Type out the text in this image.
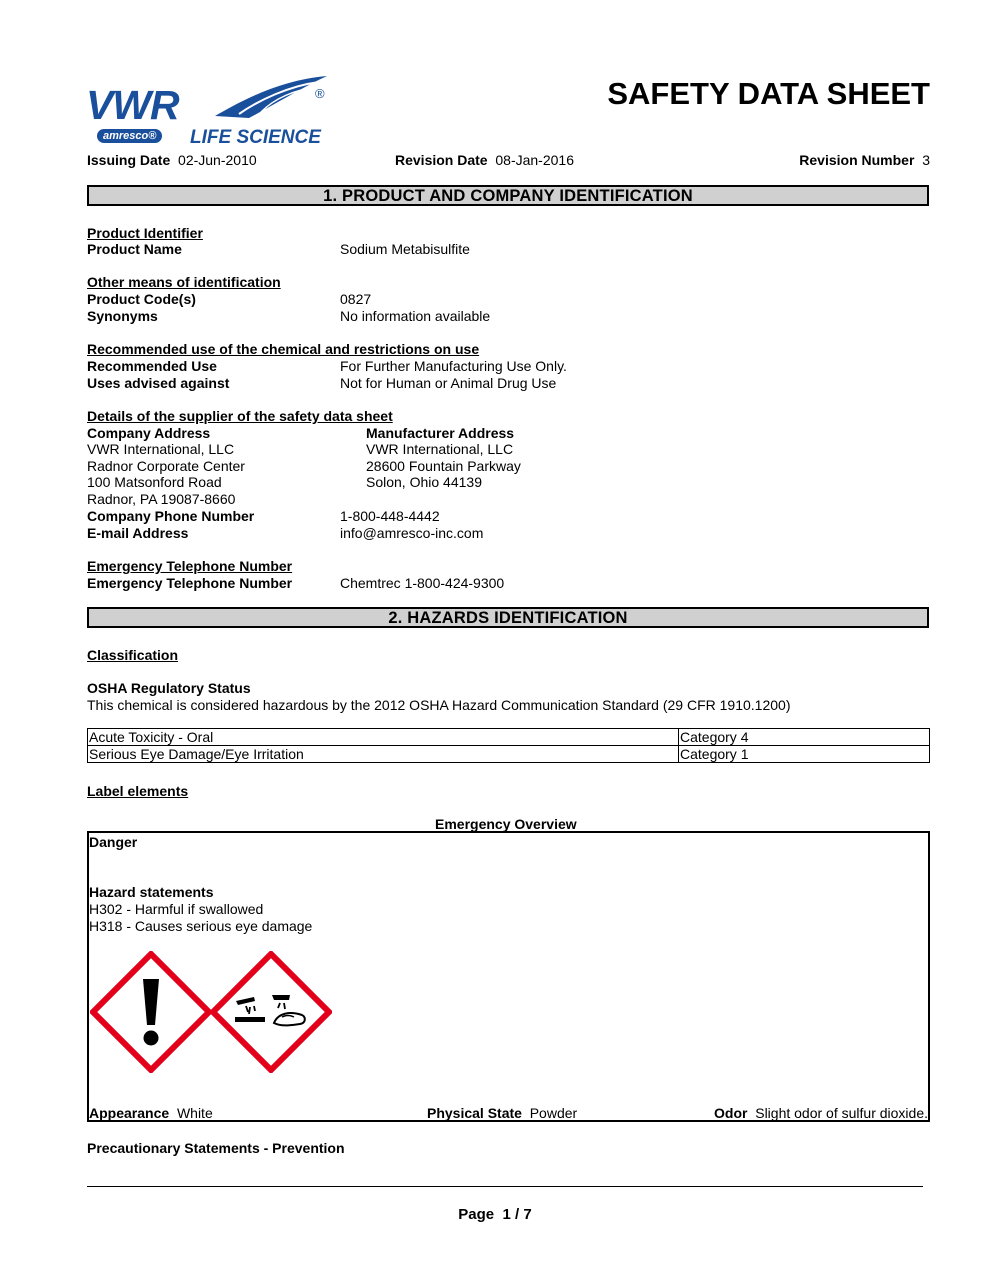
VWR	®
amresco®	LIFE SCIENCE
SAFETY DATA SHEET
Issuing Date 02-Jun-2010	Revision Date 08-Jan-2016	Revision Number 3
1. PRODUCT AND COMPANY IDENTIFICATION
Product Identifier
Product Name	Sodium Metabisulfite
Other means of identification
Product Code(s)	0827
Synonyms	No information available
Recommended use of the chemical and restrictions on use
Recommended Use	For Further Manufacturing Use Only.
Uses advised against	Not for Human or Animal Drug Use
Details of the supplier of the safety data sheet
Company Address
VWR International, LLC
Radnor Corporate Center
100 Matsonford Road
Radnor, PA 19087-8660
Manufacturer Address
VWR International, LLC
28600 Fountain Parkway
Solon, Ohio 44139
Company Phone Number	1-800-448-4442
E-mail Address	info@amresco-inc.com
Emergency Telephone Number
Emergency Telephone Number	Chemtrec 1-800-424-9300
2. HAZARDS IDENTIFICATION
Classification
OSHA Regulatory Status
This chemical is considered hazardous by the 2012 OSHA Hazard Communication Standard (29 CFR 1910.1200)
Acute Toxicity - Oral	Category 4
Serious Eye Damage/Eye Irritation	Category 1
Label elements
Emergency Overview
Danger
Hazard statements
H302 - Harmful if swallowed
H318 - Causes serious eye damage
Appearance White	Physical State Powder	Odor Slight odor of sulfur dioxide.
Precautionary Statements - Prevention
Page 1 / 7
